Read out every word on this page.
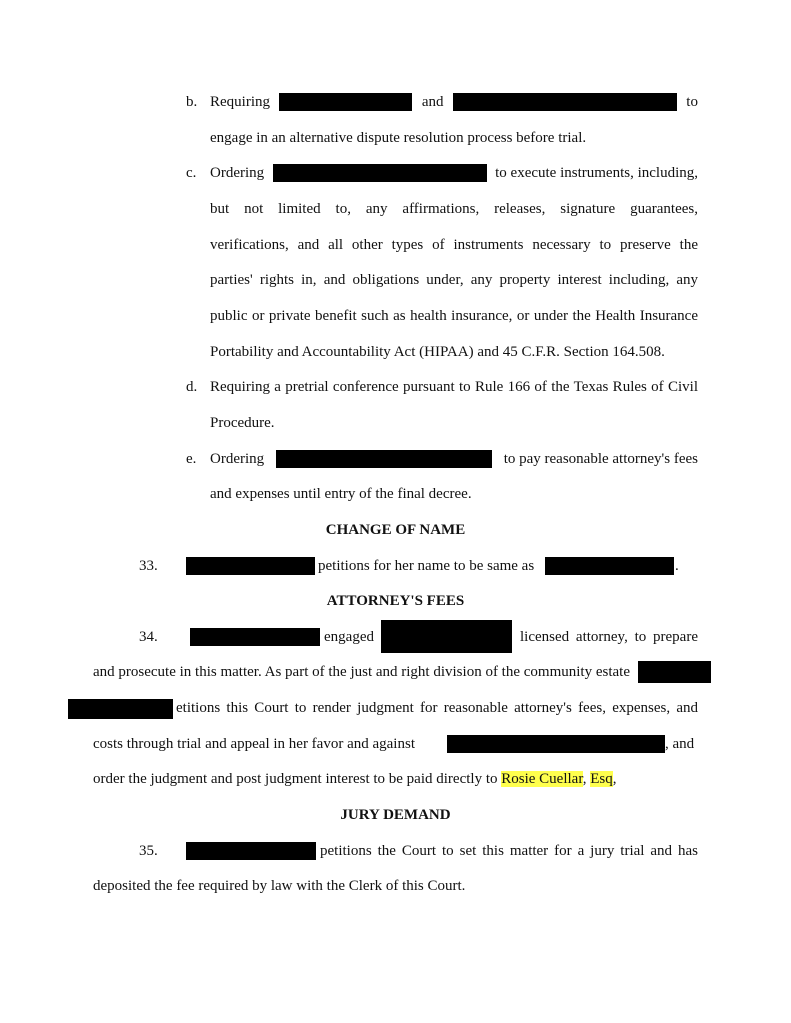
b. Requiring	and	to
engage in an alternative dispute resolution process before trial.
c. Ordering	to execute instruments, including,
but not limited to, any affirmations, releases, signature guarantees,
verifications, and all other types of instruments necessary to preserve the
parties' rights in, and obligations under, any property interest including, any
public or private benefit such as health insurance, or under the Health Insurance
Portability and Accountability Act (HIPAA) and 45 C.F.R. Section 164.508.
d. Requiring a pretrial conference pursuant to Rule 166 of the Texas Rules of Civil
Procedure.
e. Ordering	to pay reasonable attorney's fees
and expenses until entry of the final decree.
CHANGE OF NAME
33.	petitions for her name to be same as	.
ATTORNEY'S FEES
34.	engaged	licensed attorney, to prepare
and prosecute in this matter. As part of the just and right division of the community estate
etitions this Court to render judgment for reasonable attorney's fees, expenses, and
costs through trial and appeal in her favor and against	, and
order the judgment and post judgment interest to be paid directly to Rosie Cuellar, Esq,
JURY DEMAND
35.	petitions the Court to set this matter for a jury trial and has
deposited the fee required by law with the Clerk of this Court.
